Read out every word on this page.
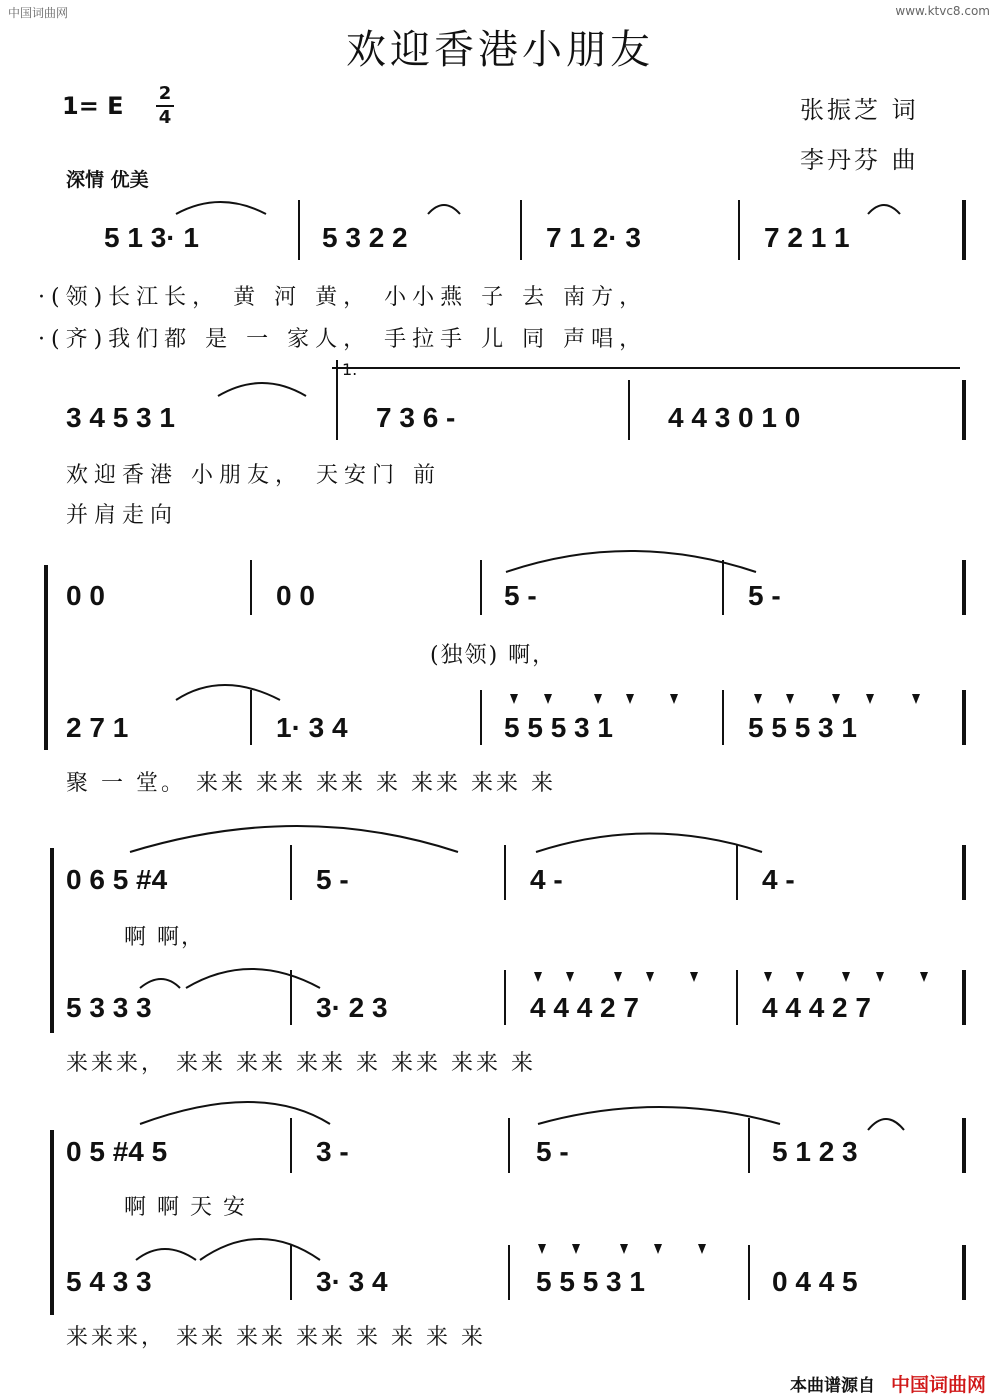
中国词曲网	www.ktvc8.com
欢迎香港小朋友
1= E 2
4	张振芝 词
李丹芬 曲
深情 优美
5 1 3· 1	5 3 2 2	7 1 2· 3	7 2 1 1
·(领)长江长， 黄 河 黄， 小小燕 子 去 南方，
·(齐)我们都 是 一 家人， 手拉手 儿 同 声唱，
1.
3 4 5 3 1	7 3 6 -	4 4 3 0 1 0
欢迎香港 小朋友， 天安门 前
并肩走向
0 0	0 0	5 -	5 -
(独领) 啊，
2 7 1	1· 3 4	5 5 5 3 1	5 5 5 3 1
聚 一 堂。 来来 来来 来来 来 来来 来来 来
0 6 5 #4	5 -	4 -	4 -
啊 啊，
5 3 3 3	3· 2 3	4 4 4 2 7	4 4 4 2 7
来来来， 来来 来来 来来 来 来来 来来 来
0 5 #4 5	3 -	5 -	5 1 2 3
啊 啊 天 安
5 4 3 3	3· 3 4	5 5 5 3 1	0 4 4 5
来来来， 来来 来来 来来 来 来 来 来
本曲谱源自 中国词曲网
